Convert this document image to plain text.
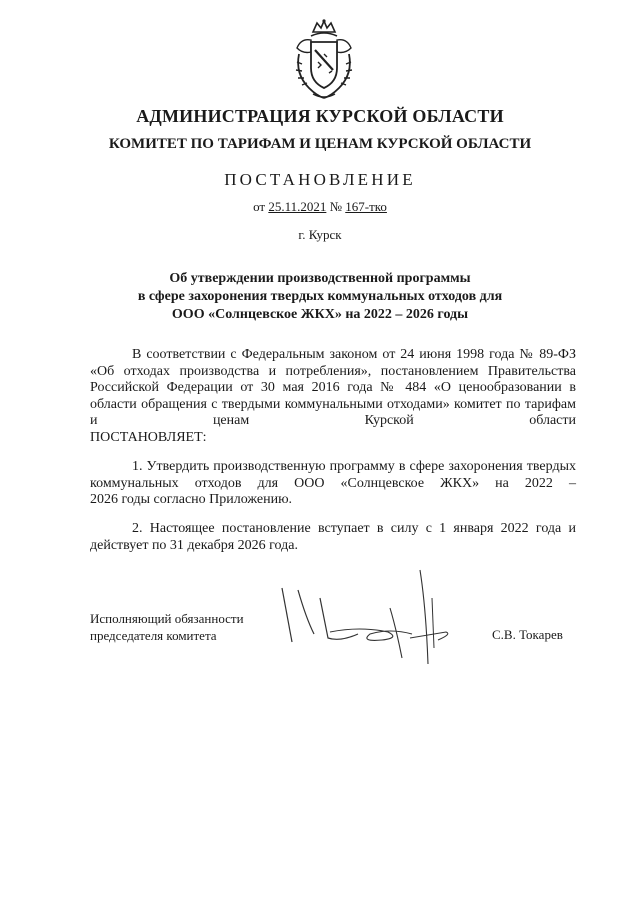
АДМИНИСТРАЦИЯ КУРСКОЙ ОБЛАСТИ
КОМИТЕТ ПО ТАРИФАМ И ЦЕНАМ КУРСКОЙ ОБЛАСТИ
ПОСТАНОВЛЕНИЕ
от 25.11.2021 № 167-тко
г. Курск
Об утверждении производственной программы
в сфере захоронения твердых коммунальных отходов для
ООО «Солнцевское ЖКХ» на 2022 – 2026 годы
В соответствии с Федеральным законом от 24 июня 1998 года № 89-ФЗ «Об отходах производства и потребления», постановлением Правительства Российской Федерации от 30 мая 2016 года № 484 «О ценообразовании в области обращения с твердыми коммунальными отходами» комитет по тарифам и ценам Курской области
ПОСТАНОВЛЯЕТ:
1. Утвердить производственную программу в сфере захоронения твердых коммунальных отходов для ООО «Солнцевское ЖКХ» на 2022 –
2026 годы согласно Приложению.
2. Настоящее постановление вступает в силу с 1 января 2022 года и
действует по 31 декабря 2026 года.
Исполняющий обязанности
председателя комитета	С.В. Токарев
